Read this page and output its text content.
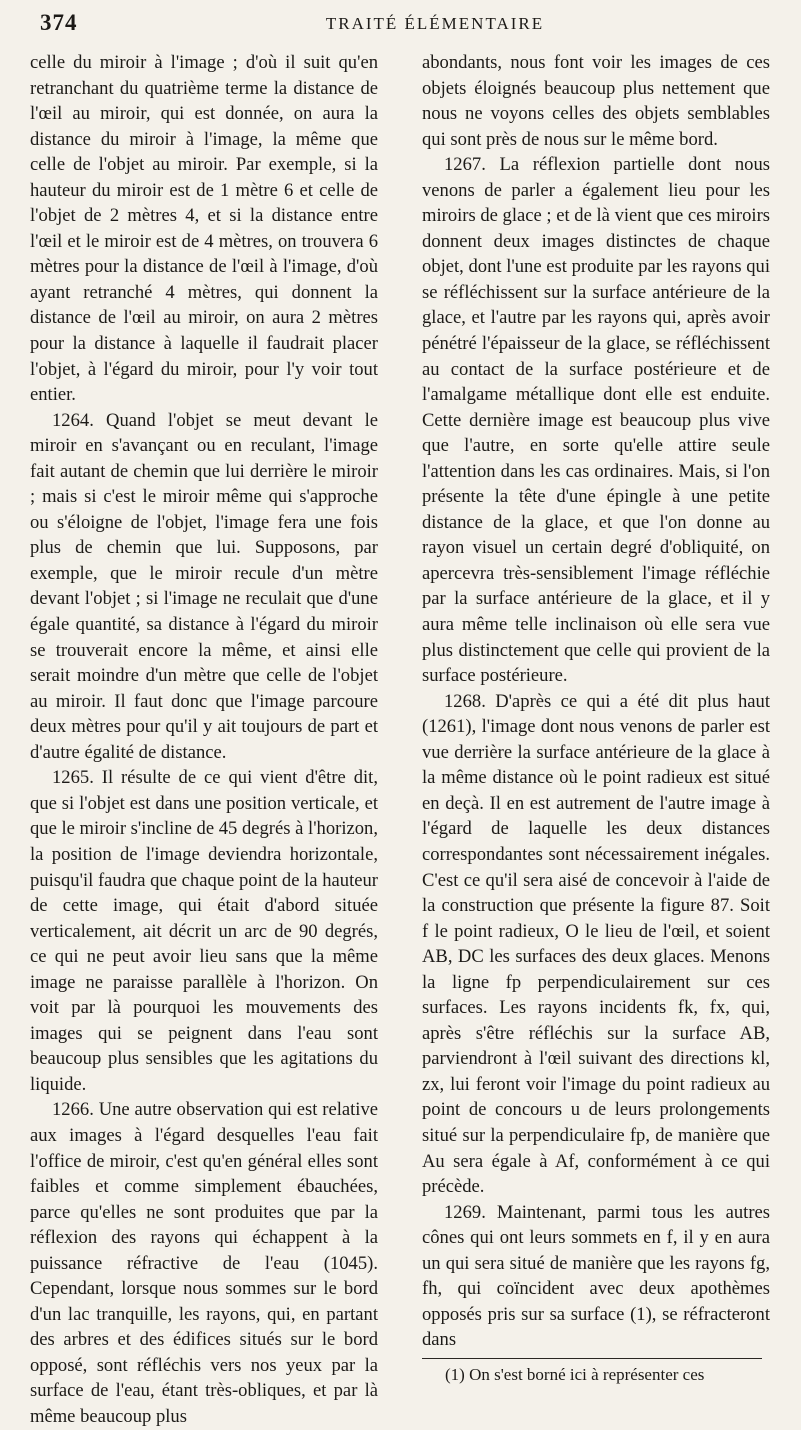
374	TRAITÉ ÉLÉMENTAIRE

celle du miroir à l'image ; d'où il suit qu'en retranchant du quatrième terme la distance de l'œil au miroir, qui est donnée, on aura la distance du miroir à l'image, la même que celle de l'objet au miroir. Par exemple, si la hauteur du miroir est de 1 mètre 6 et celle de l'objet de 2 mètres 4, et si la distance entre l'œil et le miroir est de 4 mètres, on trouvera 6 mètres pour la distance de l'œil à l'image, d'où ayant retranché 4 mètres, qui donnent la distance de l'œil au miroir, on aura 2 mètres pour la distance à laquelle il faudrait placer l'objet, à l'égard du miroir, pour l'y voir tout entier.

1264. Quand l'objet se meut devant le miroir en s'avançant ou en reculant, l'image fait autant de chemin que lui derrière le miroir ; mais si c'est le miroir même qui s'approche ou s'éloigne de l'objet, l'image fera une fois plus de chemin que lui. Supposons, par exemple, que le miroir recule d'un mètre devant l'objet ; si l'image ne reculait que d'une égale quantité, sa distance à l'égard du miroir se trouverait encore la même, et ainsi elle serait moindre d'un mètre que celle de l'objet au miroir. Il faut donc que l'image parcoure deux mètres pour qu'il y ait toujours de part et d'autre égalité de distance.

1265. Il résulte de ce qui vient d'être dit, que si l'objet est dans une position verticale, et que le miroir s'incline de 45 degrés à l'horizon, la position de l'image deviendra horizontale, puisqu'il faudra que chaque point de la hauteur de cette image, qui était d'abord située verticalement, ait décrit un arc de 90 degrés, ce qui ne peut avoir lieu sans que la même image ne paraisse parallèle à l'horizon. On voit par là pourquoi les mouvements des images qui se peignent dans l'eau sont beaucoup plus sensibles que les agitations du liquide.

1266. Une autre observation qui est relative aux images à l'égard desquelles l'eau fait l'office de miroir, c'est qu'en général elles sont faibles et comme simplement ébauchées, parce qu'elles ne sont produites que par la réflexion des rayons qui échappent à la puissance réfractive de l'eau (1045). Cependant, lorsque nous sommes sur le bord d'un lac tranquille, les rayons, qui, en partant des arbres et des édifices situés sur le bord opposé, sont réfléchis vers nos yeux par la surface de l'eau, étant très-obliques, et par là même beaucoup plus

abondants, nous font voir les images de ces objets éloignés beaucoup plus nettement que nous ne voyons celles des objets semblables qui sont près de nous sur le même bord.

1267. La réflexion partielle dont nous venons de parler a également lieu pour les miroirs de glace ; et de là vient que ces miroirs donnent deux images distinctes de chaque objet, dont l'une est produite par les rayons qui se réfléchissent sur la surface antérieure de la glace, et l'autre par les rayons qui, après avoir pénétré l'épaisseur de la glace, se réfléchissent au contact de la surface postérieure et de l'amalgame métallique dont elle est enduite. Cette dernière image est beaucoup plus vive que l'autre, en sorte qu'elle attire seule l'attention dans les cas ordinaires. Mais, si l'on présente la tête d'une épingle à une petite distance de la glace, et que l'on donne au rayon visuel un certain degré d'obliquité, on apercevra très-sensiblement l'image réfléchie par la surface antérieure de la glace, et il y aura même telle inclinaison où elle sera vue plus distinctement que celle qui provient de la surface postérieure.

1268. D'après ce qui a été dit plus haut (1261), l'image dont nous venons de parler est vue derrière la surface antérieure de la glace à la même distance où le point radieux est situé en deçà. Il en est autrement de l'autre image à l'égard de laquelle les deux distances correspondantes sont nécessairement inégales. C'est ce qu'il sera aisé de concevoir à l'aide de la construction que présente la figure 87. Soit f le point radieux, O le lieu de l'œil, et soient AB, DC les surfaces des deux glaces. Menons la ligne fp perpendiculairement sur ces surfaces. Les rayons incidents fk, fx, qui, après s'être réfléchis sur la surface AB, parviendront à l'œil suivant des directions kl, zx, lui feront voir l'image du point radieux au point de concours u de leurs prolongements situé sur la perpendiculaire fp, de manière que Au sera égale à Af, conformément à ce qui précède.

1269. Maintenant, parmi tous les autres cônes qui ont leurs sommets en f, il y en aura un qui sera situé de manière que les rayons fg, fh, qui coïncident avec deux apothèmes opposés pris sur sa surface (1), se réfracteront dans

(1) On s'est borné ici à représenter ces
